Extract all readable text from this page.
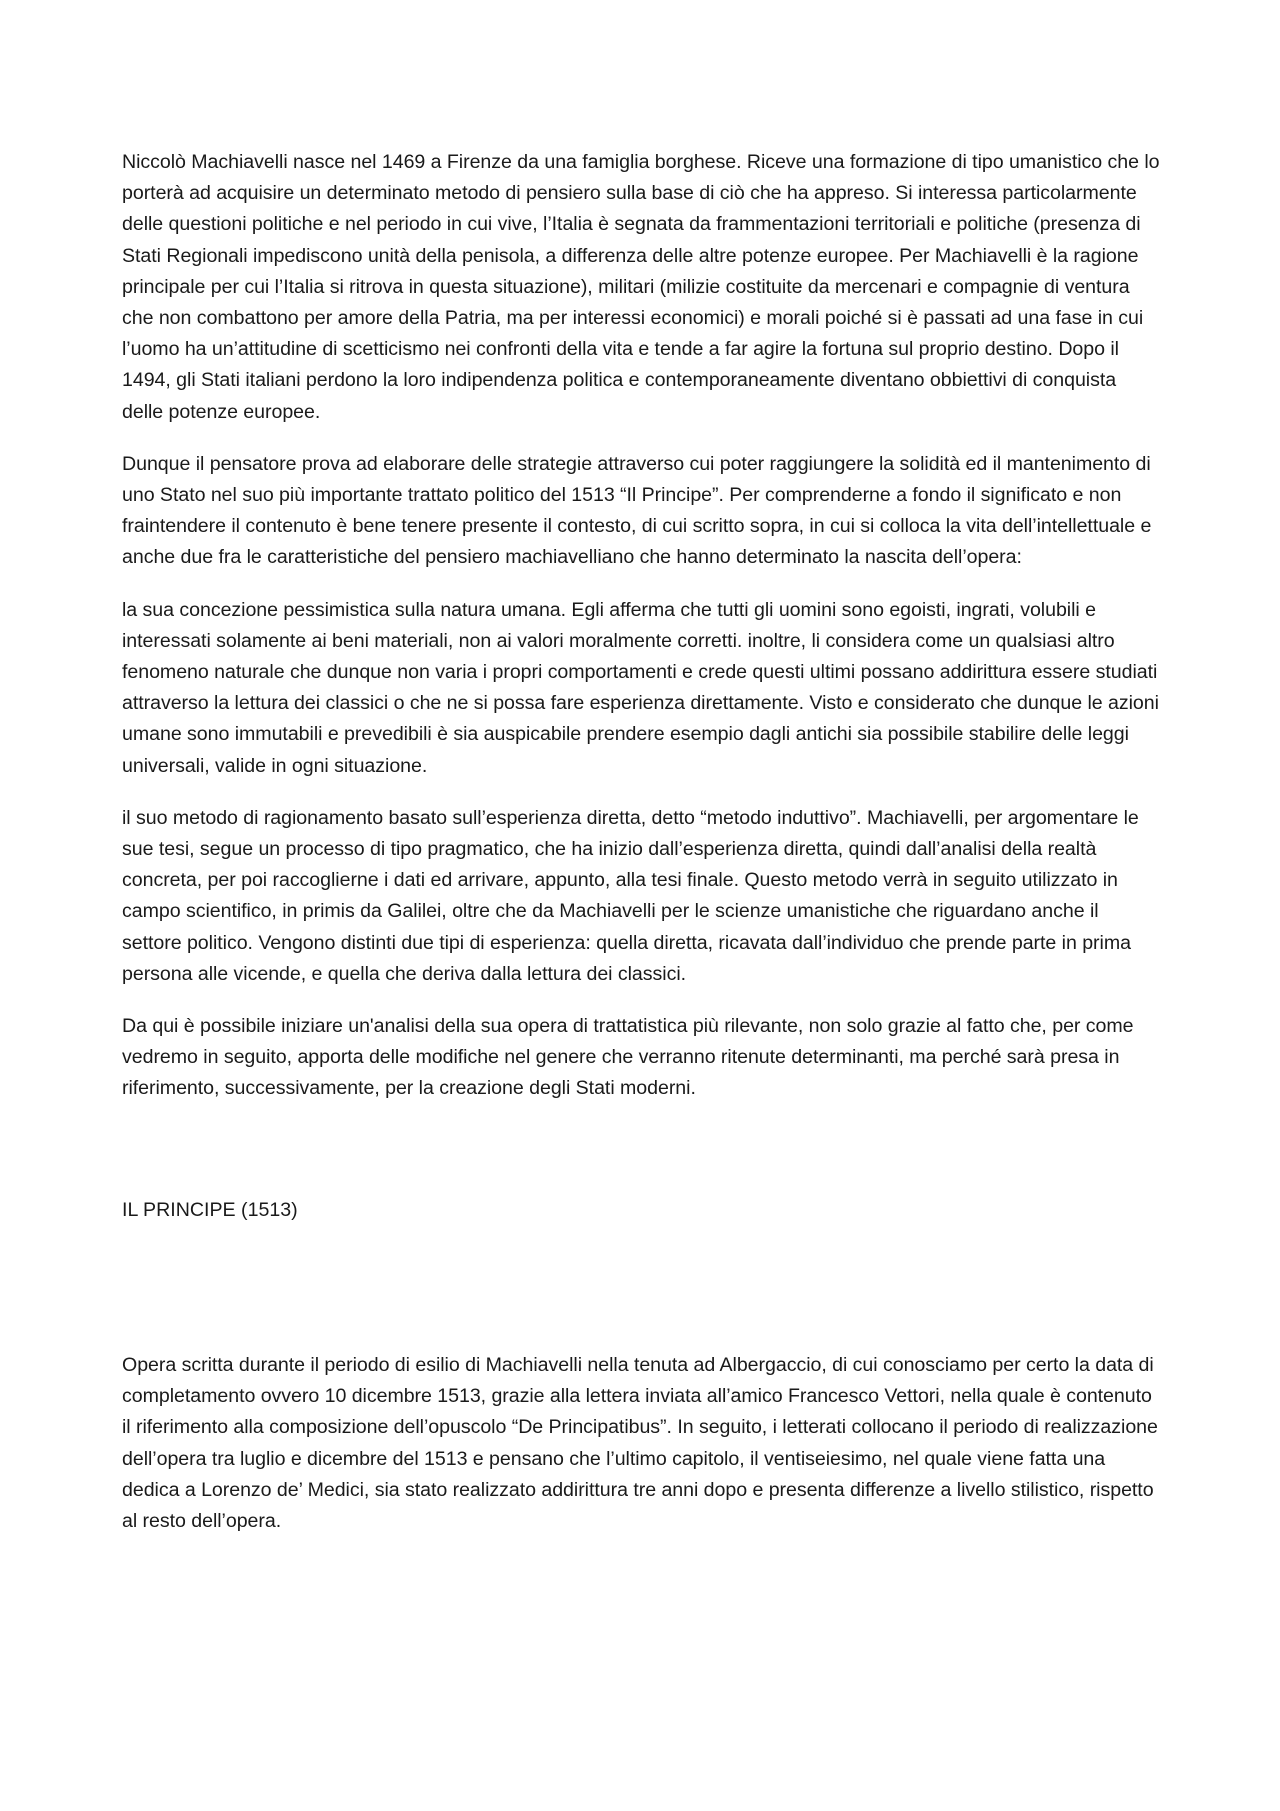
Niccolò Machiavelli nasce nel 1469 a Firenze da una famiglia borghese. Riceve una formazione di tipo umanistico che lo porterà ad acquisire un determinato metodo di pensiero sulla base di ciò che ha appreso. Si interessa particolarmente delle questioni politiche e nel periodo in cui vive, l’Italia è segnata da frammentazioni territoriali e politiche (presenza di Stati Regionali impediscono unità della penisola, a differenza delle altre potenze europee. Per Machiavelli è la ragione principale per cui l’Italia si ritrova in questa situazione), militari (milizie costituite da mercenari e compagnie di ventura che non combattono per amore della Patria, ma per interessi economici) e morali poiché si è passati ad una fase in cui l’uomo ha un’attitudine di scetticismo nei confronti della vita e tende a far agire la fortuna sul proprio destino. Dopo il 1494, gli Stati italiani perdono la loro indipendenza politica e contemporaneamente diventano obbiettivi di conquista delle potenze europee.

Dunque il pensatore prova ad elaborare delle strategie attraverso cui poter raggiungere la solidità ed il mantenimento di uno Stato nel suo più importante trattato politico del 1513 “Il Principe”. Per comprenderne a fondo il significato e non fraintendere il contenuto è bene tenere presente il contesto, di cui scritto sopra, in cui si colloca la vita dell’intellettuale e anche due fra le caratteristiche del pensiero machiavelliano che hanno determinato la nascita dell’opera:

la sua concezione pessimistica sulla natura umana. Egli afferma che tutti gli uomini sono egoisti, ingrati, volubili e interessati solamente ai beni materiali, non ai valori moralmente corretti. inoltre, li considera come un qualsiasi altro fenomeno naturale che dunque non varia i propri comportamenti e crede questi ultimi possano addirittura essere studiati attraverso la lettura dei classici o che ne si possa fare esperienza direttamente. Visto e considerato che dunque le azioni umane sono immutabili e prevedibili è sia auspicabile prendere esempio dagli antichi sia possibile stabilire delle leggi universali, valide in ogni situazione.

il suo metodo di ragionamento basato sull’esperienza diretta, detto “metodo induttivo”. Machiavelli, per argomentare le sue tesi, segue un processo di tipo pragmatico, che ha inizio dall’esperienza diretta, quindi dall’analisi della realtà concreta, per poi raccoglierne i dati ed arrivare, appunto, alla tesi finale. Questo metodo verrà in seguito utilizzato in campo scientifico, in primis da Galilei, oltre che da Machiavelli per le scienze umanistiche che riguardano anche il settore politico. Vengono distinti due tipi di esperienza: quella diretta, ricavata dall’individuo che prende parte in prima persona alle vicende, e quella che deriva dalla lettura dei classici.

Da qui è possibile iniziare un'analisi della sua opera di trattatistica più rilevante, non solo grazie al fatto che, per come vedremo in seguito, apporta delle modifiche nel genere che verranno ritenute determinanti, ma perché sarà presa in riferimento, successivamente, per la creazione degli Stati moderni.

IL PRINCIPE (1513)

Opera scritta durante il periodo di esilio di Machiavelli nella tenuta ad Albergaccio, di cui conosciamo per certo la data di completamento ovvero 10 dicembre 1513, grazie alla lettera inviata all’amico Francesco Vettori, nella quale è contenuto il riferimento alla composizione dell’opuscolo “De Principatibus”. In seguito, i letterati collocano il periodo di realizzazione dell’opera tra luglio e dicembre del 1513 e pensano che l’ultimo capitolo, il ventiseiesimo, nel quale viene fatta una dedica a Lorenzo de’ Medici, sia stato realizzato addirittura tre anni dopo e presenta differenze a livello stilistico, rispetto al resto dell’opera.
